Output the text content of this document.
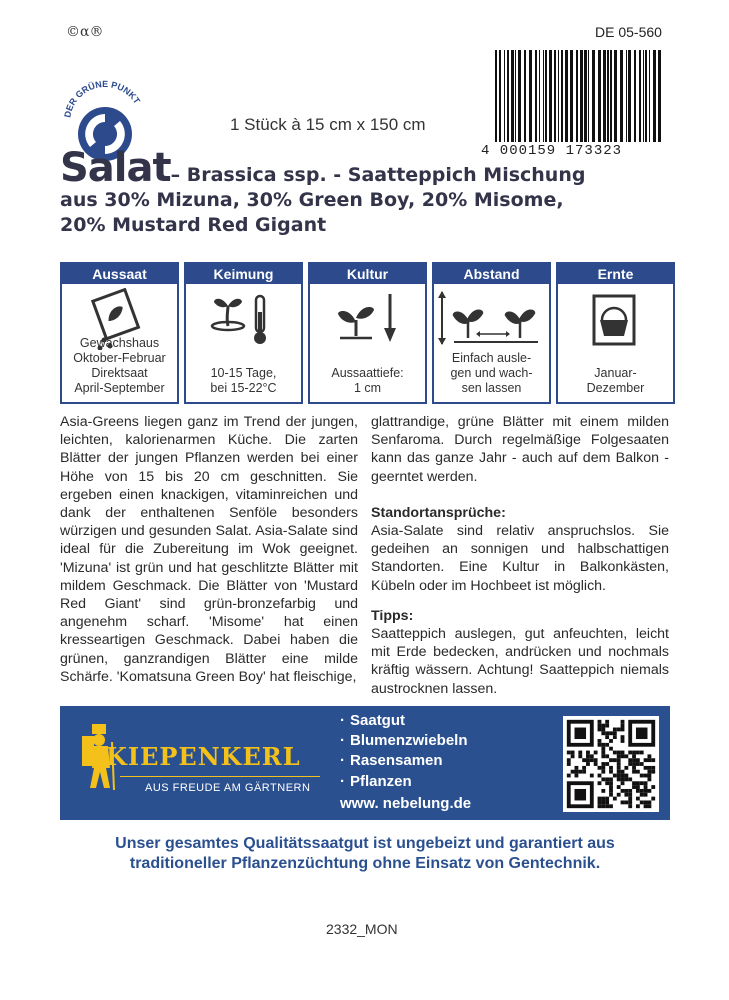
©α®	DE 05-560
4 000159 173323
DER GRÜNE PUNKT
1 Stück à 15 cm x 150 cm
Salat– Brassica ssp. - Saatteppich Mischung
aus 30% Mizuna, 30% Green Boy, 20% Misome,
20% Mustard Red Gigant
Aussaat
Gewächshaus
Oktober-Februar
Direktsaat
April-September
Keimung
10-15 Tage,
bei 15-22°C
Kultur
Aussaattiefe:
1 cm
Abstand
Einfach ausle-
gen und wach-
sen lassen
Ernte
Januar-
Dezember
Asia-Greens liegen ganz im Trend der jungen, leichten, kalorienarmen Küche. Die zarten Blätter der jungen Pflanzen werden bei einer Höhe von 15 bis 20 cm geschnitten. Sie ergeben einen knackigen, vitaminreichen und dank der enthaltenen Senföle besonders würzigen und gesunden Salat. Asia-Salate sind ideal für die Zubereitung im Wok geeignet. 'Mizuna' ist grün und hat geschlitzte Blätter mit mildem Geschmack. Die Blätter von 'Mustard Red Giant' sind grün-bronzefarbig und angenehm scharf. 'Misome' hat einen kresseartigen Geschmack. Dabei haben die grünen, ganzrandigen Blätter eine milde Schärfe. 'Komatsuna Green Boy' hat fleischige,

glattrandige, grüne Blätter mit einem milden Senfaroma. Durch regelmäßige Folgesaaten kann das ganze Jahr - auch auf dem Balkon - geerntet werden.

Standortansprüche:

Asia-Salate sind relativ anspruchslos. Sie gedeihen an sonnigen und halbschattigen Standorten. Eine Kultur in Balkonkästen, Kübeln oder im Hochbeet ist möglich.

Tipps:

Saatteppich auslegen, gut anfeuchten, leicht mit Erde bedecken, andrücken und nochmals kräftig wässern. Achtung! Saatteppich niemals austrocknen lassen.

KIEPENKERL
AUS FREUDE AM GÄRTNERN
· Saatgut
· Blumenzwiebeln
· Rasensamen
· Pflanzen
www. nebelung.de
Unser gesamtes Qualitätssaatgut ist ungebeizt und garantiert aus
traditioneller Pflanzenzüchtung ohne Einsatz von Gentechnik.
2332_MON
